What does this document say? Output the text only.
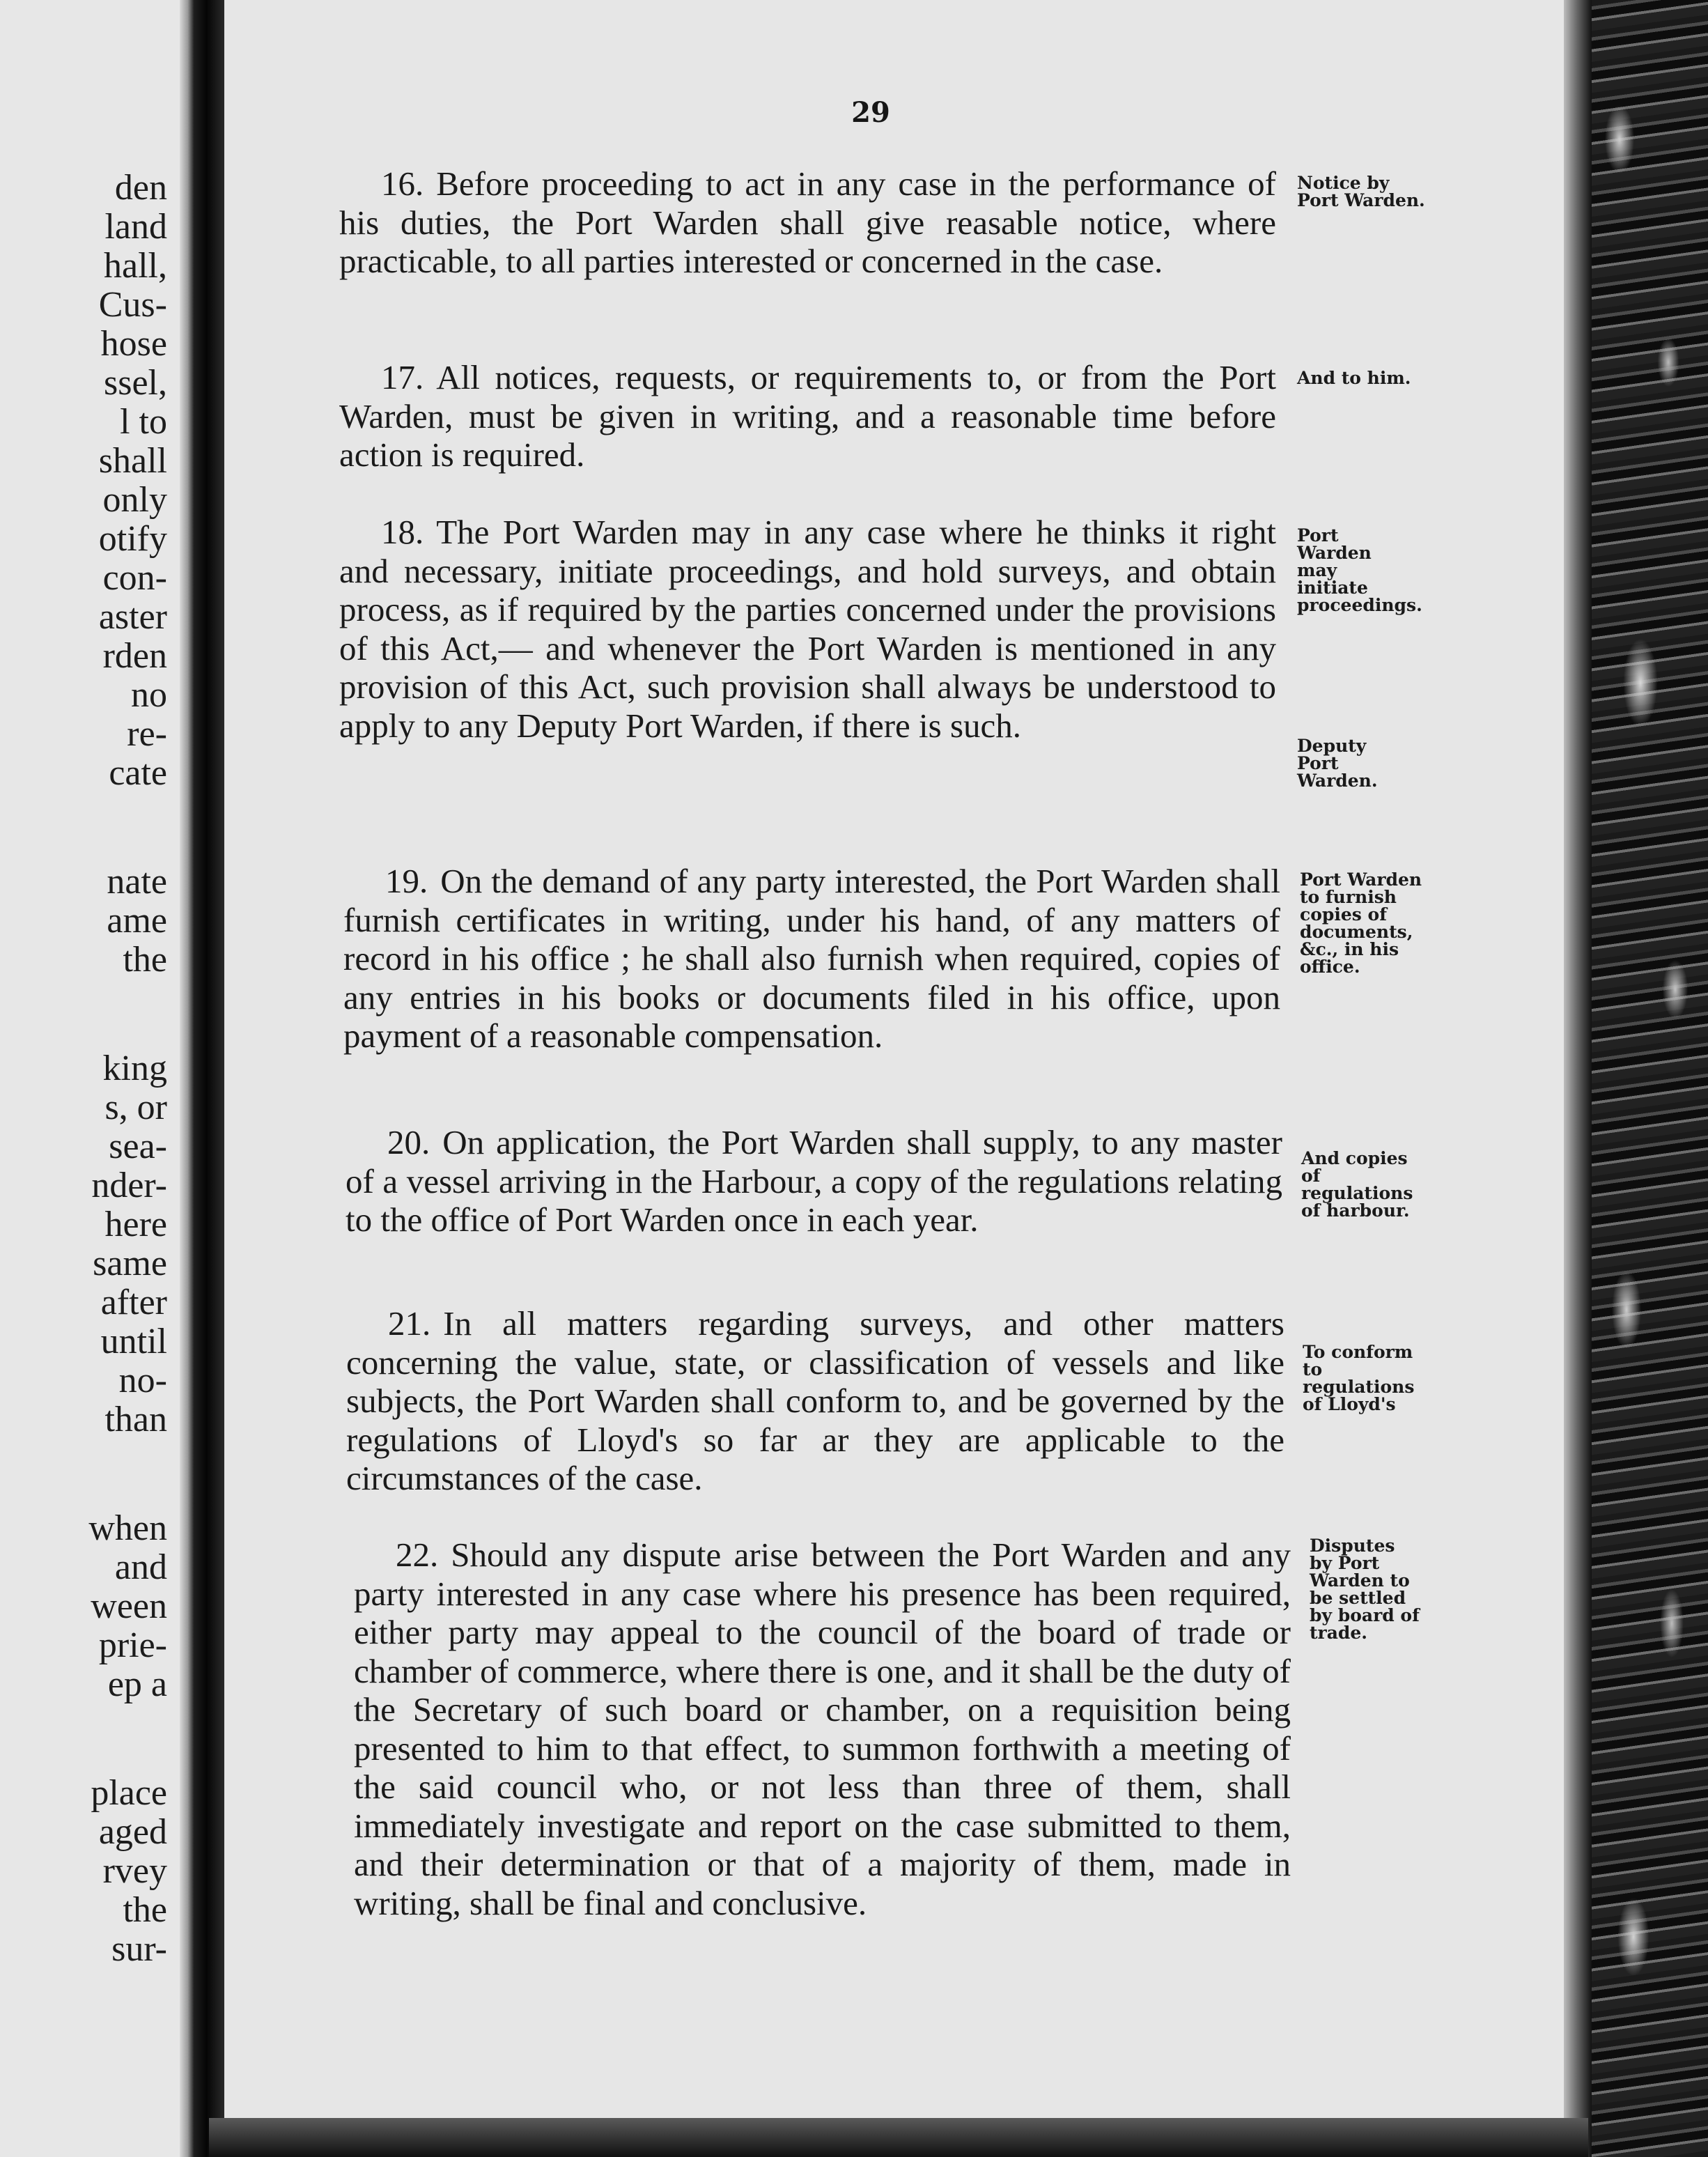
den
land
hall,
Cus-
hose
ssel,
l to
shall
only
otify
con-
aster
rden
no
re-
cate
nate
ame
the
king
s, or
sea-
nder-
here
same
after
until
no-
than
when
and
ween
prie-
ep a
place
aged
rvey
the
sur-
29

16. Before proceeding to act in any case in the performance of his duties, the Port Warden shall give reasable notice, where practicable, to all parties interested or concerned in the case.

Notice by Port Warden.

17. All notices, requests, or requirements to, or from the Port Warden, must be given in writing, and a reasonable time before action is required.

And to him.

18. The Port Warden may in any case where he thinks it right and necessary, initiate proceedings, and hold surveys, and obtain process, as if required by the parties concerned under the provisions of this Act,— and whenever the Port Warden is mentioned in any provision of this Act, such provision shall always be understood to apply to any Deputy Port Warden, if there is such.

Port Warden may initiate proceedings.

Deputy Port Warden.

19. On the demand of any party interested, the Port Warden shall furnish certificates in writing, under his hand, of any matters of record in his office ; he shall also furnish when required, copies of any entries in his books or documents filed in his office, upon payment of a reasonable compensation.

Port Warden to furnish copies of documents, &c., in his office.

20. On application, the Port Warden shall supply, to any master of a vessel arriving in the Harbour, a copy of the regulations relating to the office of Port Warden once in each year.

And copies of regulations of harbour.

21. In all matters regarding surveys, and other matters concerning the value, state, or classification of vessels and like subjects, the Port Warden shall conform to, and be governed by the regulations of Lloyd's so far ar they are applicable to the circumstances of the case.

To conform to regulations of Lloyd's

22. Should any dispute arise between the Port Warden and any party interested in any case where his presence has been required, either party may appeal to the council of the board of trade or chamber of commerce, where there is one, and it shall be the duty of the Secretary of such board or chamber, on a requisition being presented to him to that effect, to summon forthwith a meeting of the said council who, or not less than three of them, shall immediately investigate and report on the case submitted to them, and their determination or that of a majority of them, made in writing, shall be final and conclusive.

Disputes by Port Warden to be settled by board of trade.
